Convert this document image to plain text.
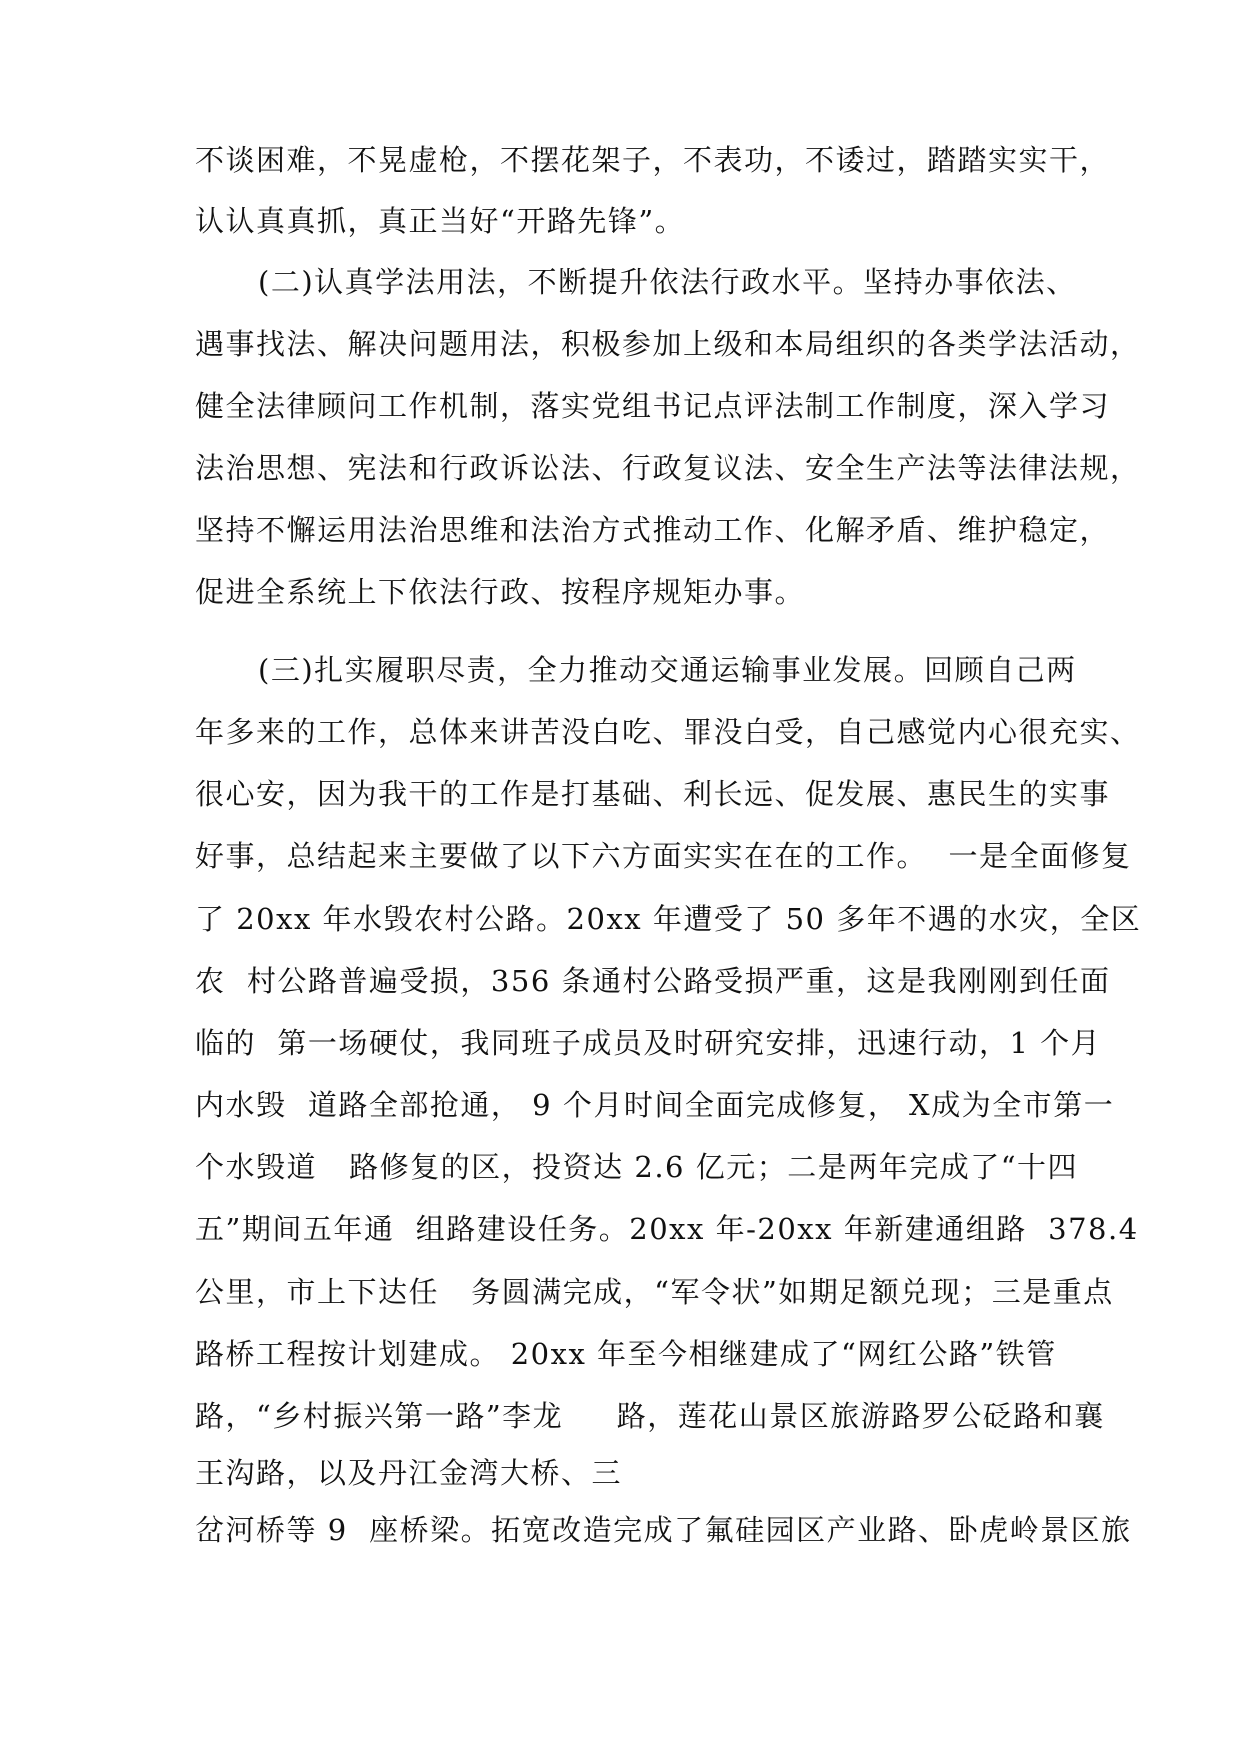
不谈困难，不晃虚枪，不摆花架子，不表功，不诿过，踏踏实实干，

认认真真抓，真正当好“开路先锋”。

(二)认真学法用法，不断提升依法行政水平。坚持办事依法、

遇事找法、解决问题用法，积极参加上级和本局组织的各类学法活动，

健全法律顾问工作机制，落实党组书记点评法制工作制度，深入学习

法治思想、宪法和行政诉讼法、行政复议法、安全生产法等法律法规，

坚持不懈运用法治思维和法治方式推动工作、化解矛盾、维护稳定，

促进全系统上下依法行政、按程序规矩办事。

(三)扎实履职尽责，全力推动交通运输事业发展。回顾自己两

年多来的工作，总体来讲苦没白吃、罪没白受，自己感觉内心很充实、

很心安，因为我干的工作是打基础、利长远、促发展、惠民生的实事

好事，总结起来主要做了以下六方面实实在在的工作。  一是全面修复

了 20xx 年水毁农村公路。20xx 年遭受了 50 多年不遇的水灾，全区

农  村公路普遍受损，356 条通村公路受损严重，这是我刚刚到任面

临的  第一场硬仗，我同班子成员及时研究安排，迅速行动，1 个月

内水毁  道路全部抢通， 9 个月时间全面完成修复， X成为全市第一

个水毁道   路修复的区，投资达 2.6 亿元；二是两年完成了“十四

五”期间五年通  组路建设任务。20xx 年-20xx 年新建通组路  378.4

公里，市上下达任   务圆满完成，“军令状”如期足额兑现；三是重点

路桥工程按计划建成。 20xx 年至今相继建成了“网红公路”铁管

路，“乡村振兴第一路”李龙     路，莲花山景区旅游路罗公砭路和襄

王沟路，以及丹江金湾大桥、三

岔河桥等 9  座桥梁。拓宽改造完成了氟硅园区产业路、卧虎岭景区旅
